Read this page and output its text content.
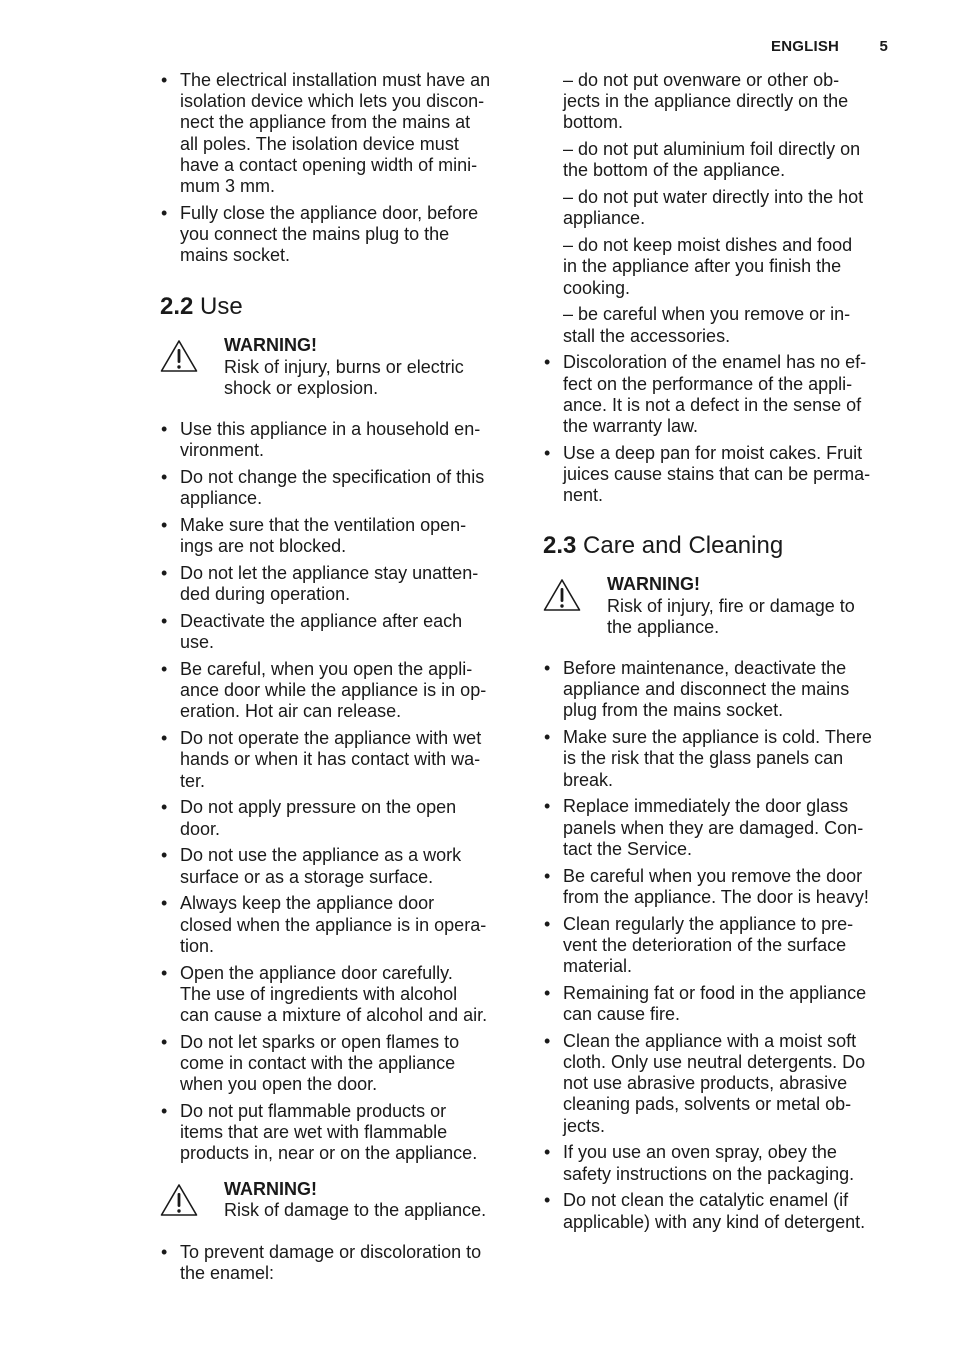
ENGLISH	5
• The electrical installation must have an
isolation device which lets you discon-
nect the appliance from the mains at
all poles. The isolation device must
have a contact opening width of mini-
mum 3 mm.
• Fully close the appliance door, before
you connect the mains plug to the
mains socket.
2.2 Use
WARNING!
Risk of injury, burns or electric
shock or explosion.
• Use this appliance in a household en-
vironment.
• Do not change the specification of this
appliance.
• Make sure that the ventilation open-
ings are not blocked.
• Do not let the appliance stay unatten-
ded during operation.
• Deactivate the appliance after each
use.
• Be careful, when you open the appli-
ance door while the appliance is in op-
eration. Hot air can release.
• Do not operate the appliance with wet
hands or when it has contact with wa-
ter.
• Do not apply pressure on the open
door.
• Do not use the appliance as a work
surface or as a storage surface.
• Always keep the appliance door
closed when the appliance is in opera-
tion.
• Open the appliance door carefully.
The use of ingredients with alcohol
can cause a mixture of alcohol and air.
• Do not let sparks or open flames to
come in contact with the appliance
when you open the door.
• Do not put flammable products or
items that are wet with flammable
products in, near or on the appliance.
WARNING!
Risk of damage to the appliance.
• To prevent damage or discoloration to
the enamel:

– do not put ovenware or other ob-
jects in the appliance directly on the
bottom.

– do not put aluminium foil directly on
the bottom of the appliance.

– do not put water directly into the hot
appliance.

– do not keep moist dishes and food
in the appliance after you finish the
cooking.

– be careful when you remove or in-
stall the accessories.

• Discoloration of the enamel has no ef-
fect on the performance of the appli-
ance. It is not a defect in the sense of
the warranty law.
• Use a deep pan for moist cakes. Fruit
juices cause stains that can be perma-
nent.
2.3 Care and Cleaning
WARNING!
Risk of injury, fire or damage to
the appliance.
• Before maintenance, deactivate the
appliance and disconnect the mains
plug from the mains socket.
• Make sure the appliance is cold. There
is the risk that the glass panels can
break.
• Replace immediately the door glass
panels when they are damaged. Con-
tact the Service.
• Be careful when you remove the door
from the appliance. The door is heavy!
• Clean regularly the appliance to pre-
vent the deterioration of the surface
material.
• Remaining fat or food in the appliance
can cause fire.
• Clean the appliance with a moist soft
cloth. Only use neutral detergents. Do
not use abrasive products, abrasive
cleaning pads, solvents or metal ob-
jects.
• If you use an oven spray, obey the
safety instructions on the packaging.
• Do not clean the catalytic enamel (if
applicable) with any kind of detergent.
